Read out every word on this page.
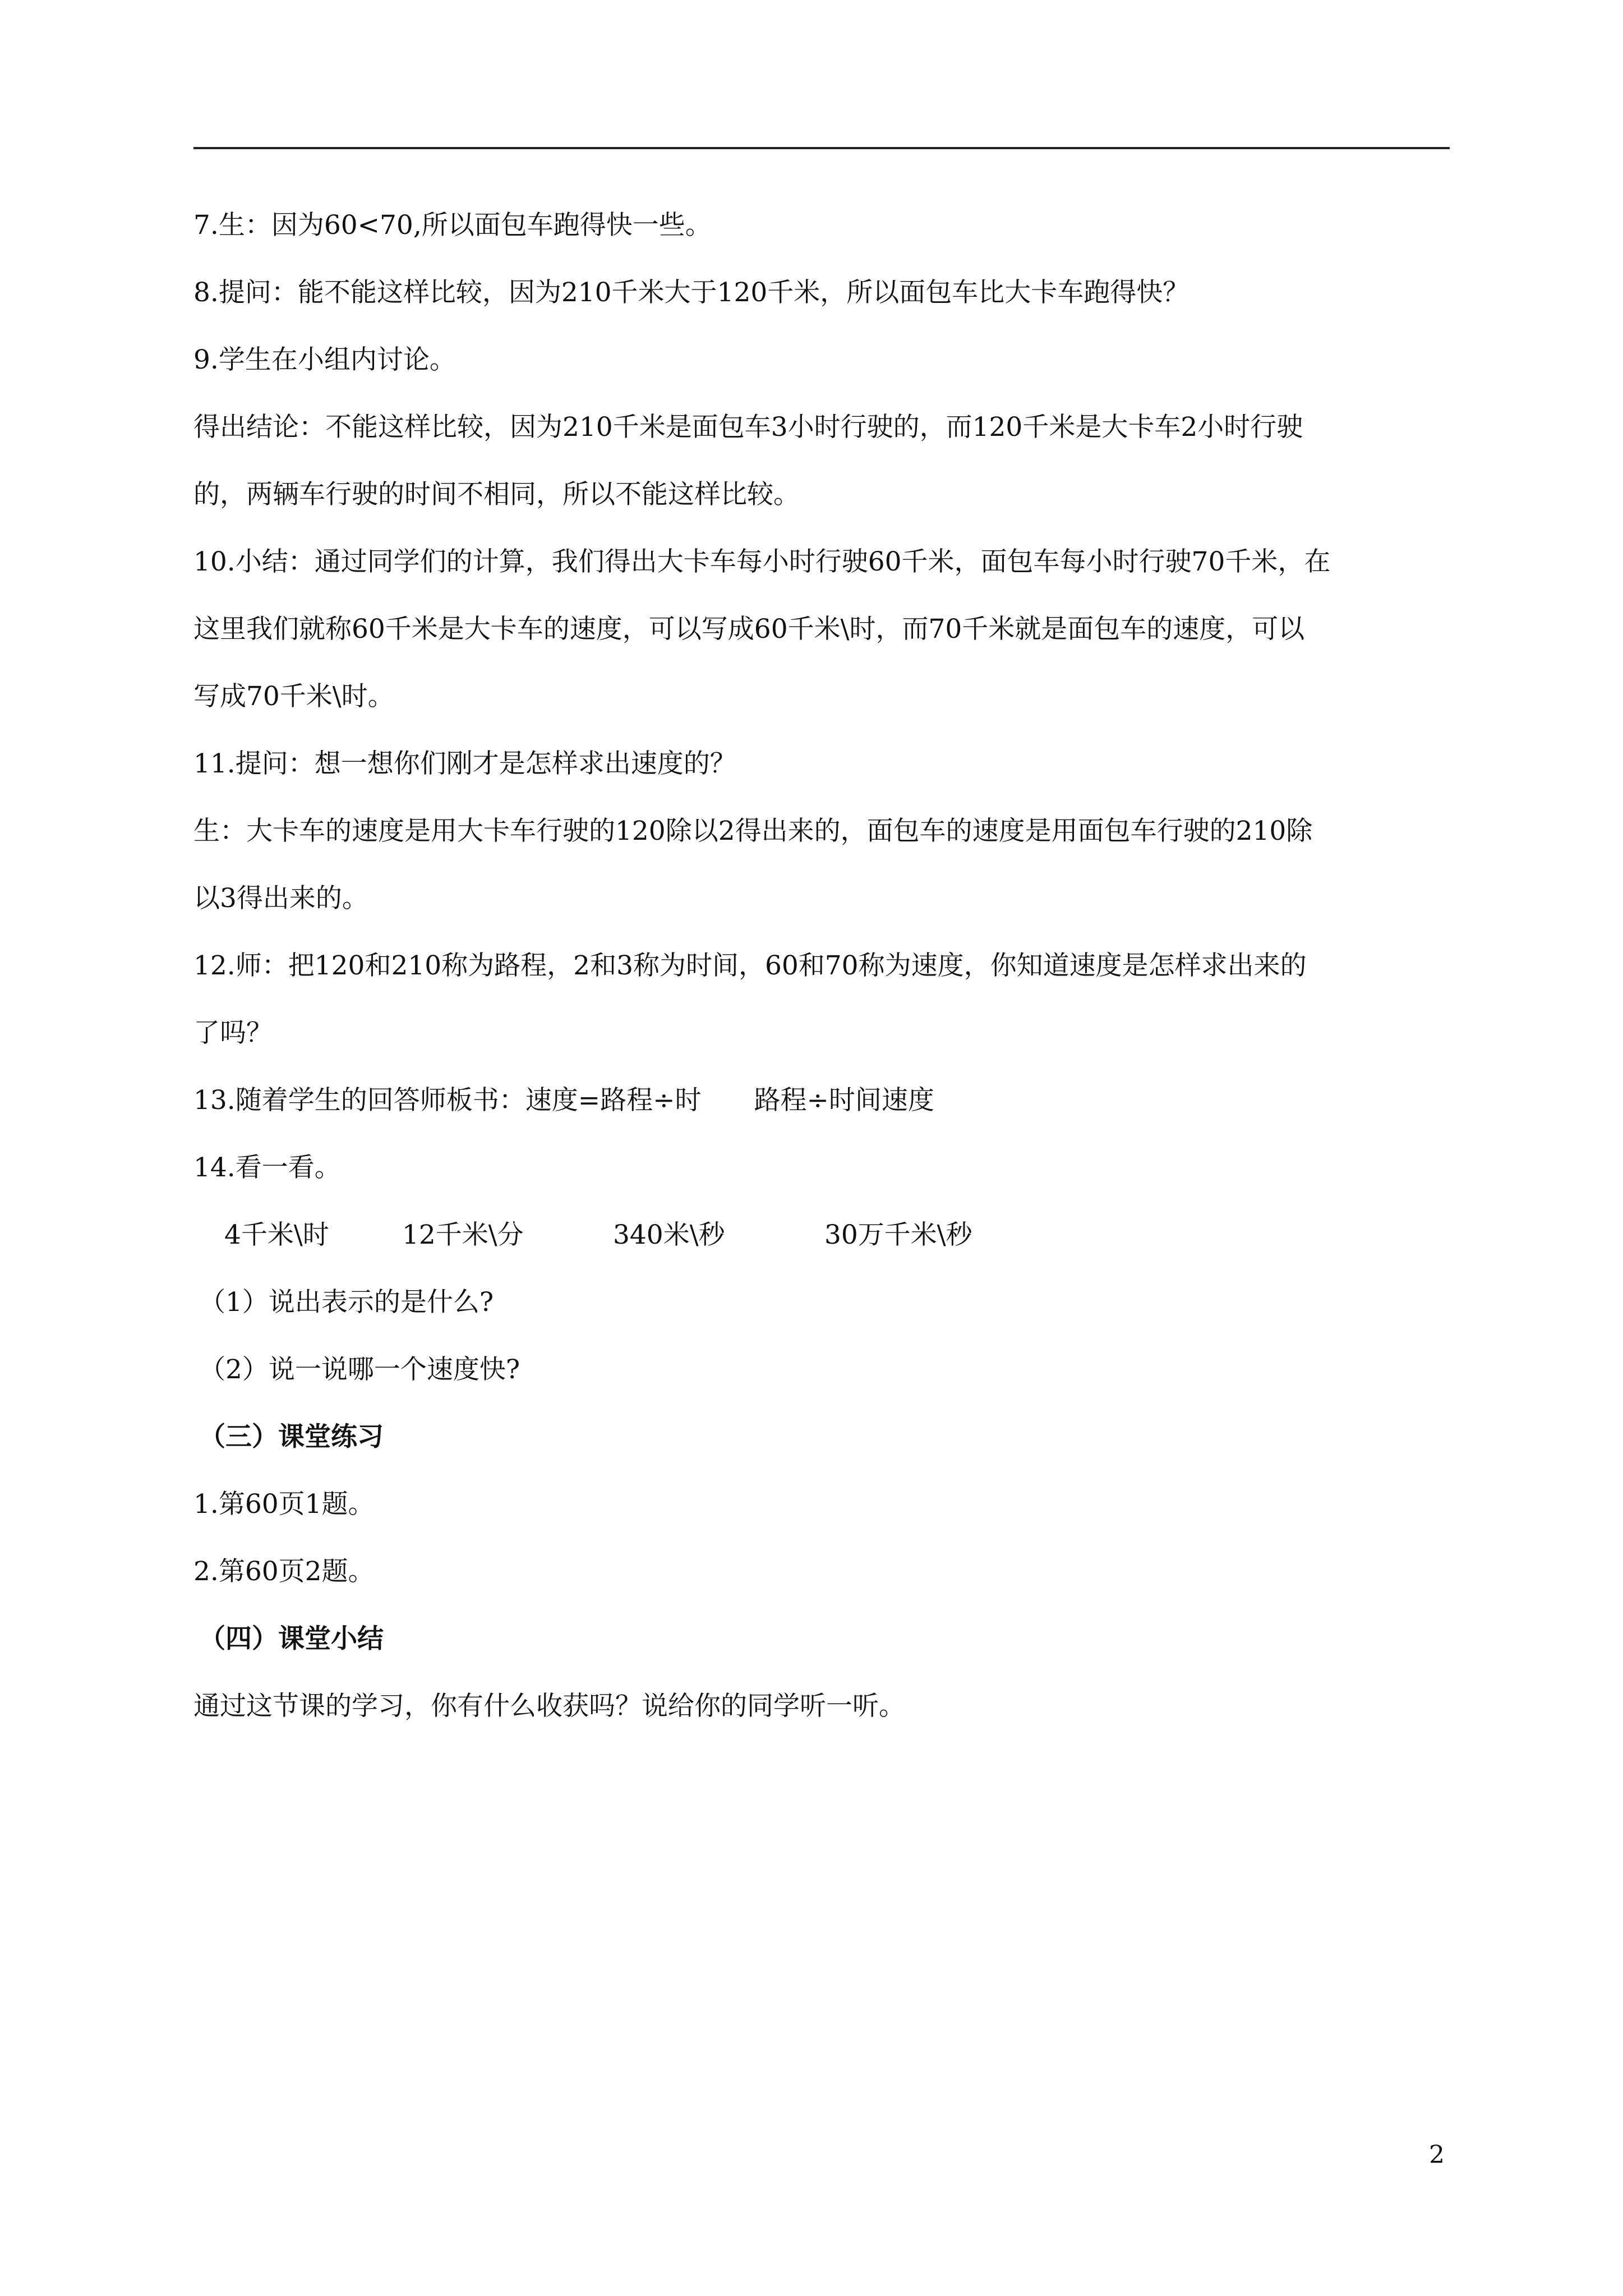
7.生：因为60<70,所以面包车跑得快一些。
8.提问：能不能这样比较，因为210千米大于120千米，所以面包车比大卡车跑得快？
9.学生在小组内讨论。
得出结论：不能这样比较，因为210千米是面包车3小时行驶的，而120千米是大卡车2小时行驶
的，两辆车行驶的时间不相同，所以不能这样比较。
10.小结：通过同学们的计算，我们得出大卡车每小时行驶60千米，面包车每小时行驶70千米，在
这里我们就称60千米是大卡车的速度，可以写成60千米\时，而70千米就是面包车的速度，可以
写成70千米\时。
11.提问：想一想你们刚才是怎样求出速度的？
生：大卡车的速度是用大卡车行驶的120除以2得出来的，面包车的速度是用面包车行驶的210除
以3得出来的。
12.师：把120和210称为路程，2和3称为时间，60和70称为速度，你知道速度是怎样求出来的
了吗？
13.随着学生的回答师板书：速度=路程÷时　　路程÷时间速度
14.看一看。
4千米\时	12千米\分	340米\秒	30万千米\秒
（1）说出表示的是什么?
（2）说一说哪一个速度快?
（三）课堂练习
1.第60页1题。
2.第60页2题。
（四）课堂小结
通过这节课的学习，你有什么收获吗？说给你的同学听一听。
2
